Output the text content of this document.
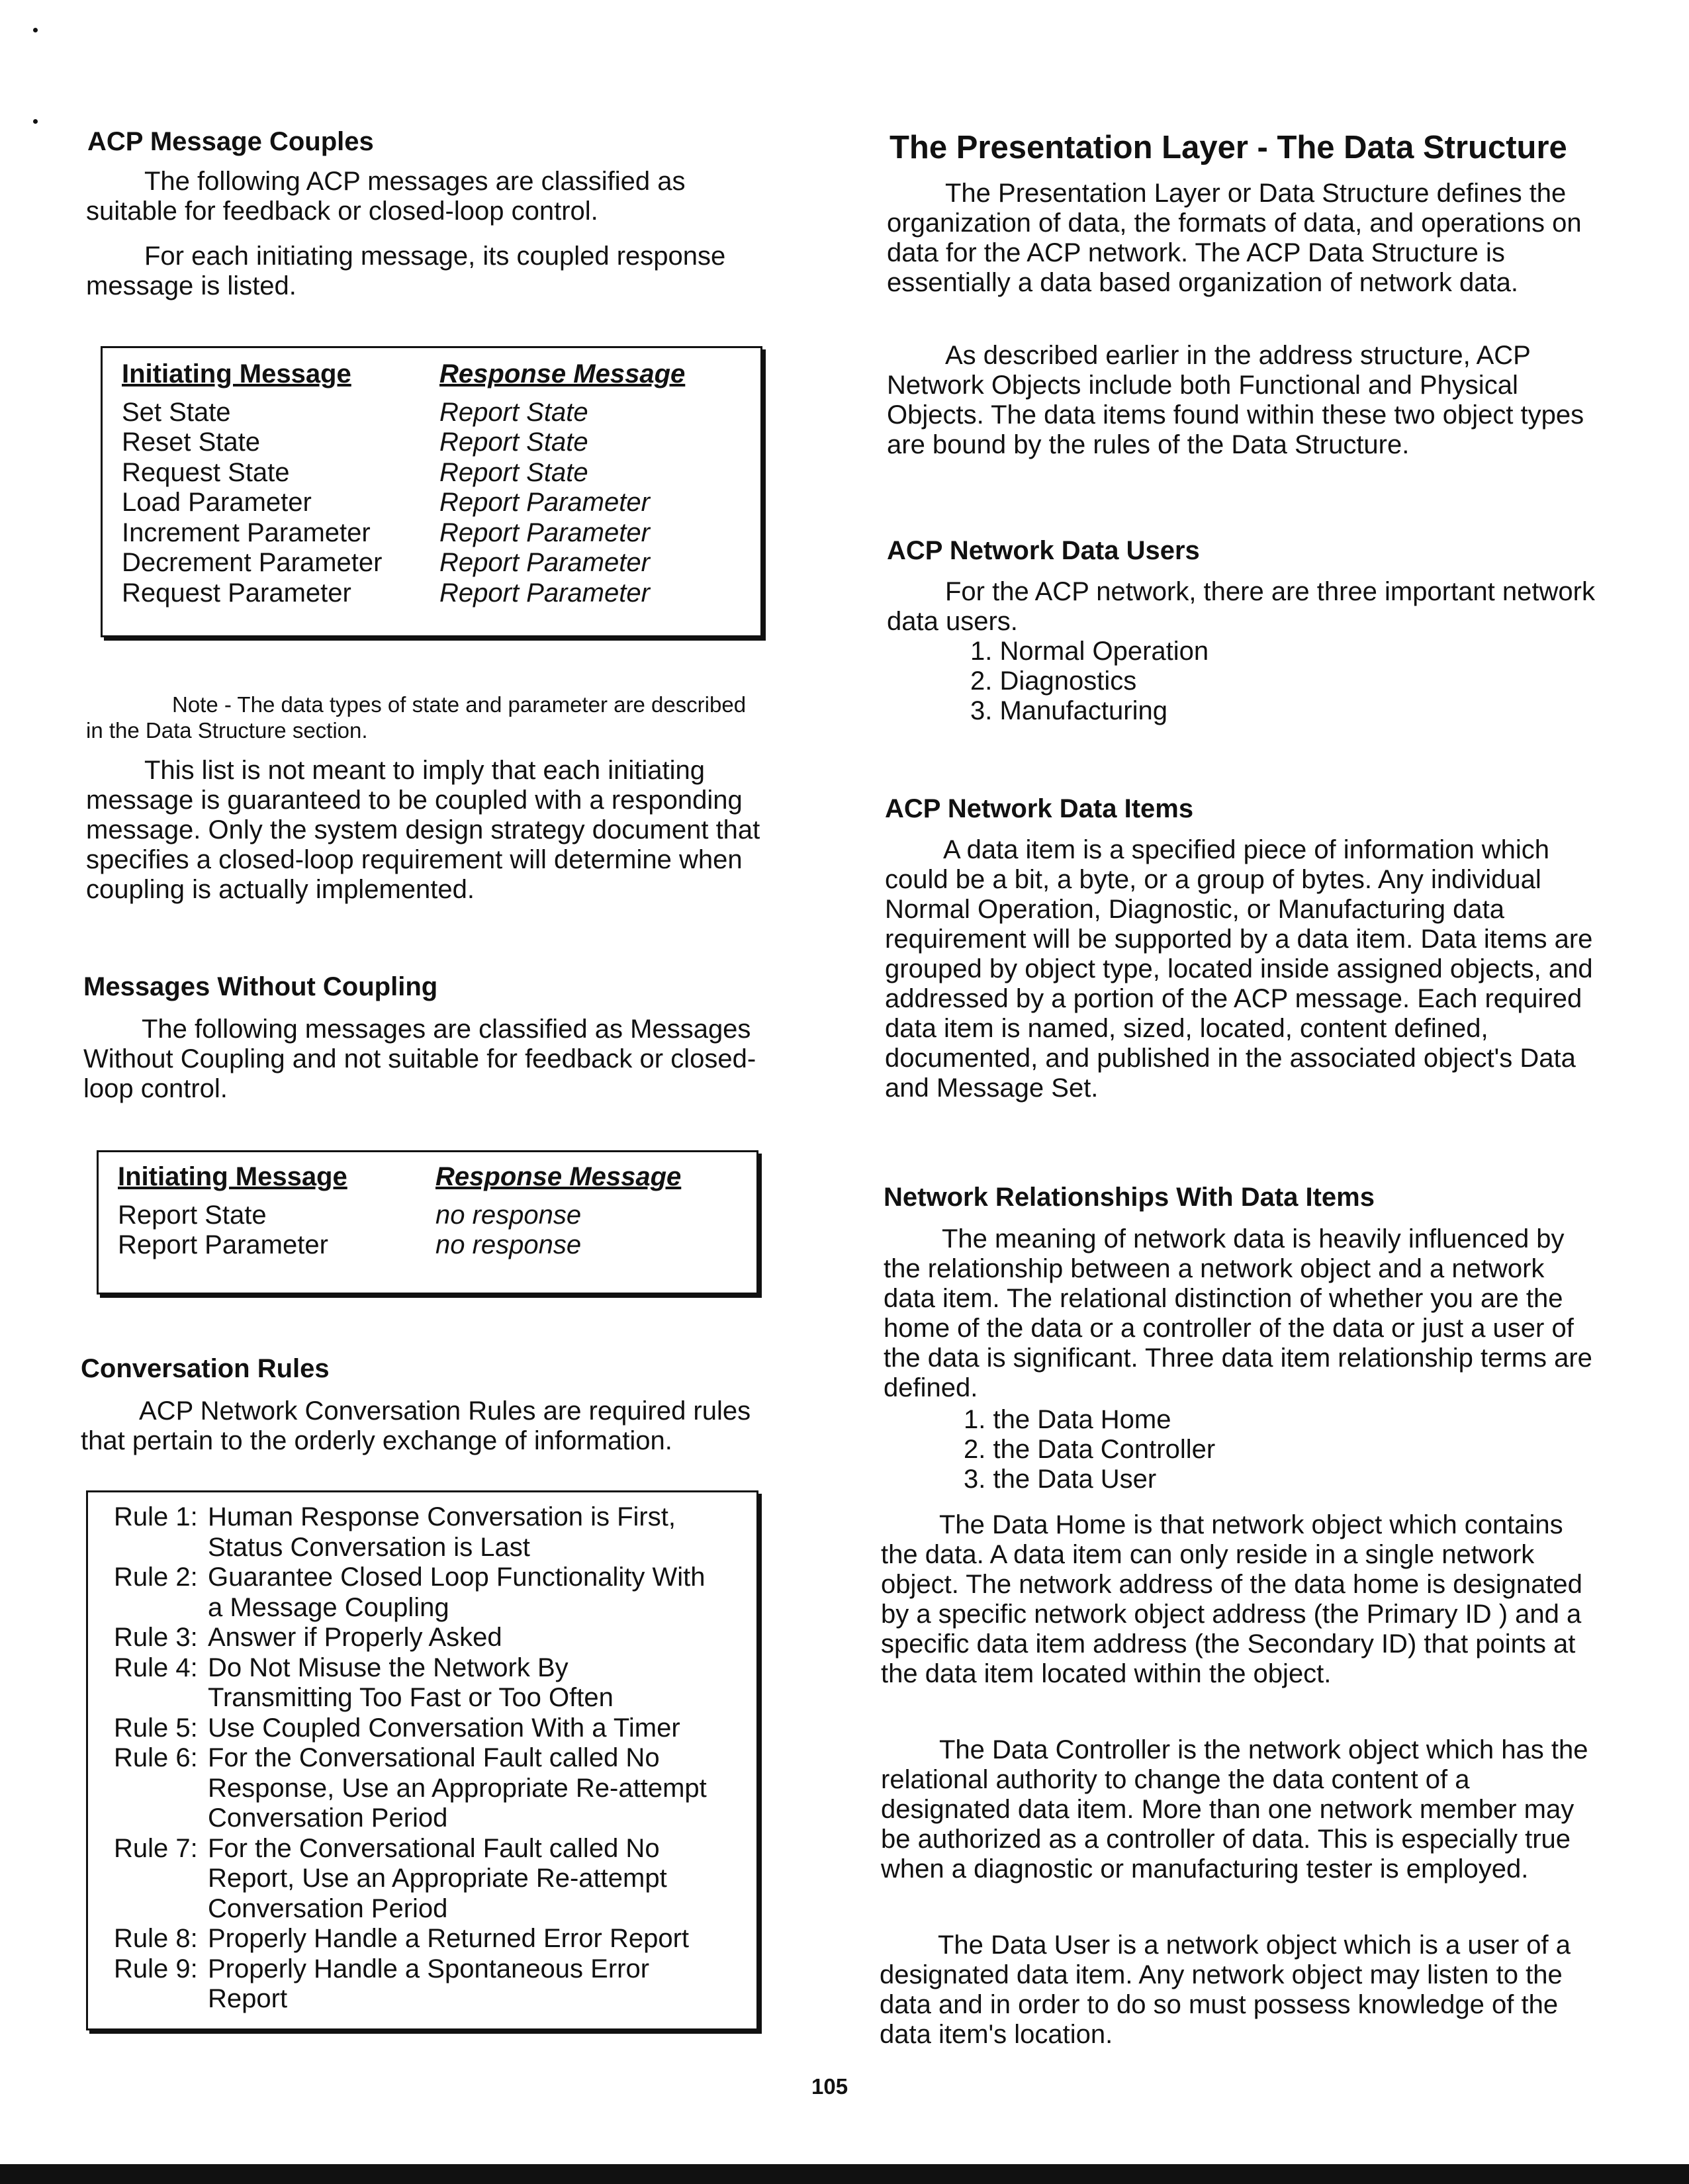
ACP Message Couples

The following ACP messages are classified as suitable for feedback or closed-loop control.

For each initiating message, its coupled response message is listed.

Initiating Message	Response Message
Set State	Report State
Reset State	Report State
Request State	Report State
Load Parameter	Report Parameter
Increment Parameter	Report Parameter
Decrement Parameter	Report Parameter
Request Parameter	Report Parameter

Note - The data types of state and parameter are described in the Data Structure section.

This list is not meant to imply that each initiating message is guaranteed to be coupled with a responding message. Only the system design strategy document that specifies a closed-loop requirement will determine when coupling is actually implemented.

Messages Without Coupling

The following messages are classified as Messages Without Coupling and not suitable for feedback or closed-loop control.

Initiating Message	Response Message
Report State	no response
Report Parameter	no response
Conversation Rules

ACP Network Conversation Rules are required rules that pertain to the orderly exchange of information.

Rule 1: Human Response Conversation is First,
Status Conversation is Last
Rule 2: Guarantee Closed Loop Functionality With
a Message Coupling
Rule 3: Answer if Properly Asked
Rule 4: Do Not Misuse the Network By
Transmitting Too Fast or Too Often
Rule 5: Use Coupled Conversation With a Timer
Rule 6: For the Conversational Fault called No
Response, Use an Appropriate Re-attempt
Conversation Period
Rule 7: For the Conversational Fault called No
Report, Use an Appropriate Re-attempt
Conversation Period
Rule 8: Properly Handle a Returned Error Report
Rule 9: Properly Handle a Spontaneous Error
Report
The Presentation Layer - The Data Structure

The Presentation Layer or Data Structure defines the organization of data, the formats of data, and operations on data for the ACP network. The ACP Data Structure is essentially a data based organization of network data.

As described earlier in the address structure, ACP Network Objects include both Functional and Physical Objects. The data items found within these two object types are bound by the rules of the Data Structure.

ACP Network Data Users

For the ACP network, there are three important network data users.

1. Normal Operation
2. Diagnostics
3. Manufacturing
ACP Network Data Items

A data item is a specified piece of information which could be a bit, a byte, or a group of bytes. Any individual Normal Operation, Diagnostic, or Manufacturing data requirement will be supported by a data item. Data items are grouped by object type, located inside assigned objects, and addressed by a portion of the ACP message. Each required data item is named, sized, located, content defined, documented, and published in the associated object's Data and Message Set.

Network Relationships With Data Items

The meaning of network data is heavily influenced by the relationship between a network object and a network data item. The relational distinction of whether you are the home of the data or a controller of the data or just a user of the data is significant. Three data item relationship terms are defined.

1. the Data Home
2. the Data Controller
3. the Data User

The Data Home is that network object which contains the data. A data item can only reside in a single network object. The network address of the data home is designated by a specific network object address (the Primary ID ) and a specific data item address (the Secondary ID) that points at the data item located within the object.

The Data Controller is the network object which has the relational authority to change the data content of a designated data item. More than one network member may be authorized as a controller of data. This is especially true when a diagnostic or manufacturing tester is employed.

The Data User is a network object which is a user of a designated data item. Any network object may listen to the data and in order to do so must possess knowledge of the data item's location.

105
